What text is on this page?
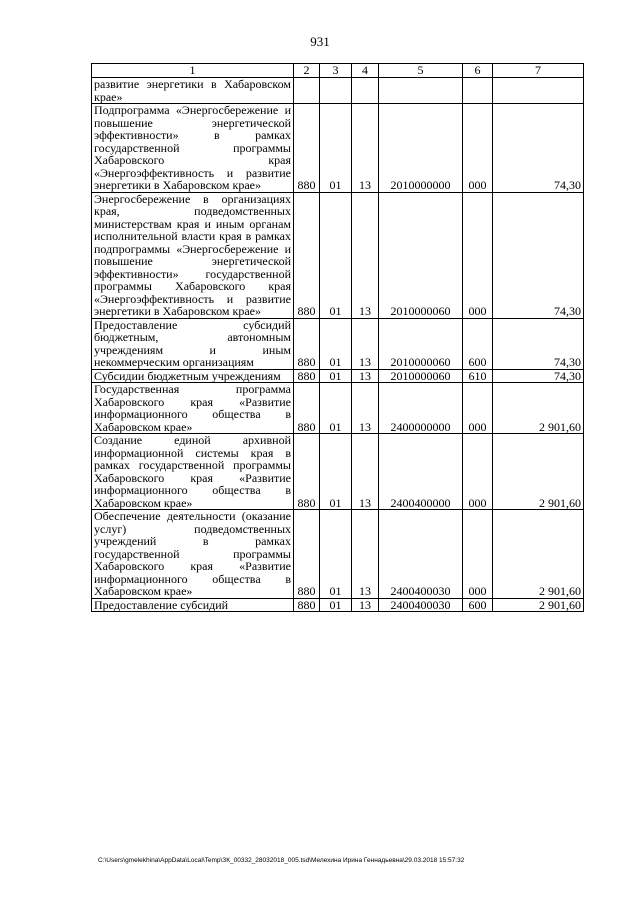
931
1	2	3	4	5	6	7
развитие энергетики в Хабаровском крае»						
Подпрограмма «Энергосбережение и повышение энергетической эффективности» в рамках государственной программы Хабаровского края «Энергоэффективность и развитие энергетики в Хабаровском крае»	880	01	13	2010000000	000	74,30
Энергосбережение в организациях края, подведомственных министерствам края и иным органам исполнительной власти края в рамках подпрограммы «Энергосбережение и повышение энергетической эффективности» государственной программы Хабаровского края «Энергоэффективность и развитие энергетики в Хабаровском крае»	880	01	13	2010000060	000	74,30
Предоставление субсидий бюджетным, автономным учреждениям и иным некоммерческим организациям	880	01	13	2010000060	600	74,30
Субсидии бюджетным учреждениям	880	01	13	2010000060	610	74,30
Государственная программа Хабаровского края «Развитие информационного общества в Хабаровском крае»	880	01	13	2400000000	000	2 901,60
Создание единой архивной информационной системы края в рамках государственной программы Хабаровского края «Развитие информационного общества в Хабаровском крае»	880	01	13	2400400000	000	2 901,60
Обеспечение деятельности (оказание услуг) подведомственных учреждений в рамках государственной программы Хабаровского края «Развитие информационного общества в Хабаровском крае»	880	01	13	2400400030	000	2 901,60
Предоставление субсидий	880	01	13	2400400030	600	2 901,60
C:\Users\gmelekhina\AppData\Local\Temp\ЗК_00332_28032018_005.tsd\Мелехина Ирина Геннадьевна\29.03.2018 15:57:32
